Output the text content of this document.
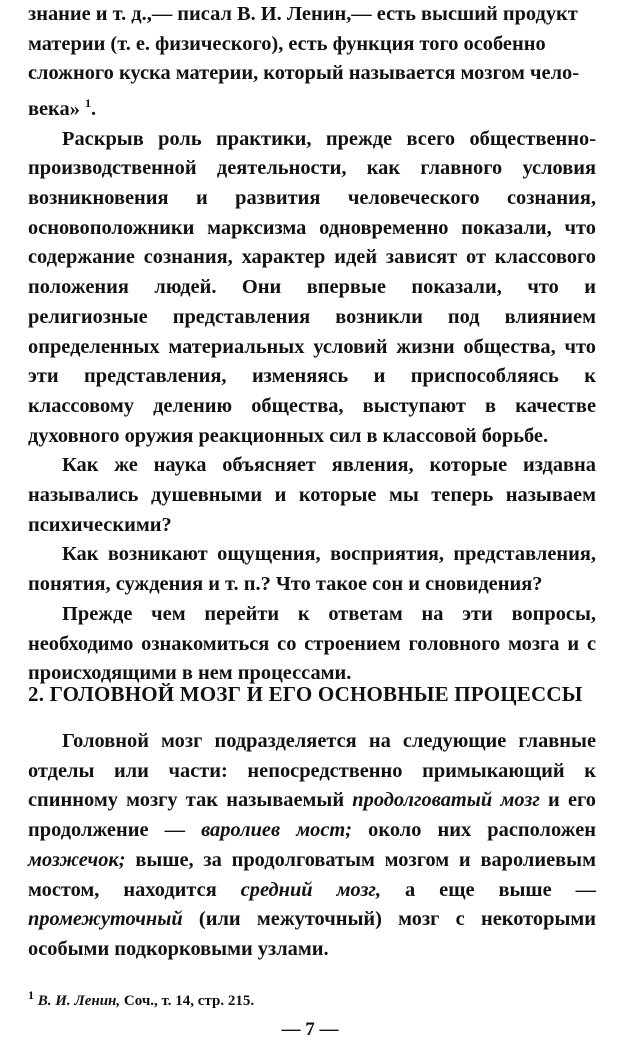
знание и т. д.,— писал В. И. Ленин,— есть высший продукт
материи (т. е. физического), есть функция того особенно
сложного куска материи, который называется мозгом чело-
века» $^1$.

Раскрыв роль практики, прежде всего общественно-производственной деятельности, как главного условия возникновения и развития человеческого сознания, основоположники марксизма одновременно показали, что содержание сознания, характер идей зависят от классового положения людей. Они впервые показали, что и религиозные представления возникли под влиянием определенных материальных условий жизни общества, что эти представления, изменяясь и приспособляясь к классовому делению общества, выступают в качестве духовного оружия реакционных сил в классовой борьбе.

Как же наука объясняет явления, которые издавна назывались душевными и которые мы теперь называем психическими?

Как возникают ощущения, восприятия, представления, понятия, суждения и т. п.? Что такое сон и сновидения?

Прежде чем перейти к ответам на эти вопросы, необходимо ознакомиться со строением головного мозга и с происходящими в нем процессами.

2. ГОЛОВНОЙ МОЗГ И ЕГО ОСНОВНЫЕ ПРОЦЕССЫ

Головной мозг подразделяется на следующие главные отделы или части: непосредственно примыкающий к спинному мозгу так называемый продолговатый мозг и его продолжение — варолиев мост; около них расположен мозжечок; выше, за продолговатым мозгом и варолиевым мостом, находится средний мозг, а еще выше — промежуточный (или межуточный) мозг с некоторыми особыми подкорковыми узлами.

$^1$ В. И. Ленин, Соч., т. 14, стр. 215.
— 7 —
